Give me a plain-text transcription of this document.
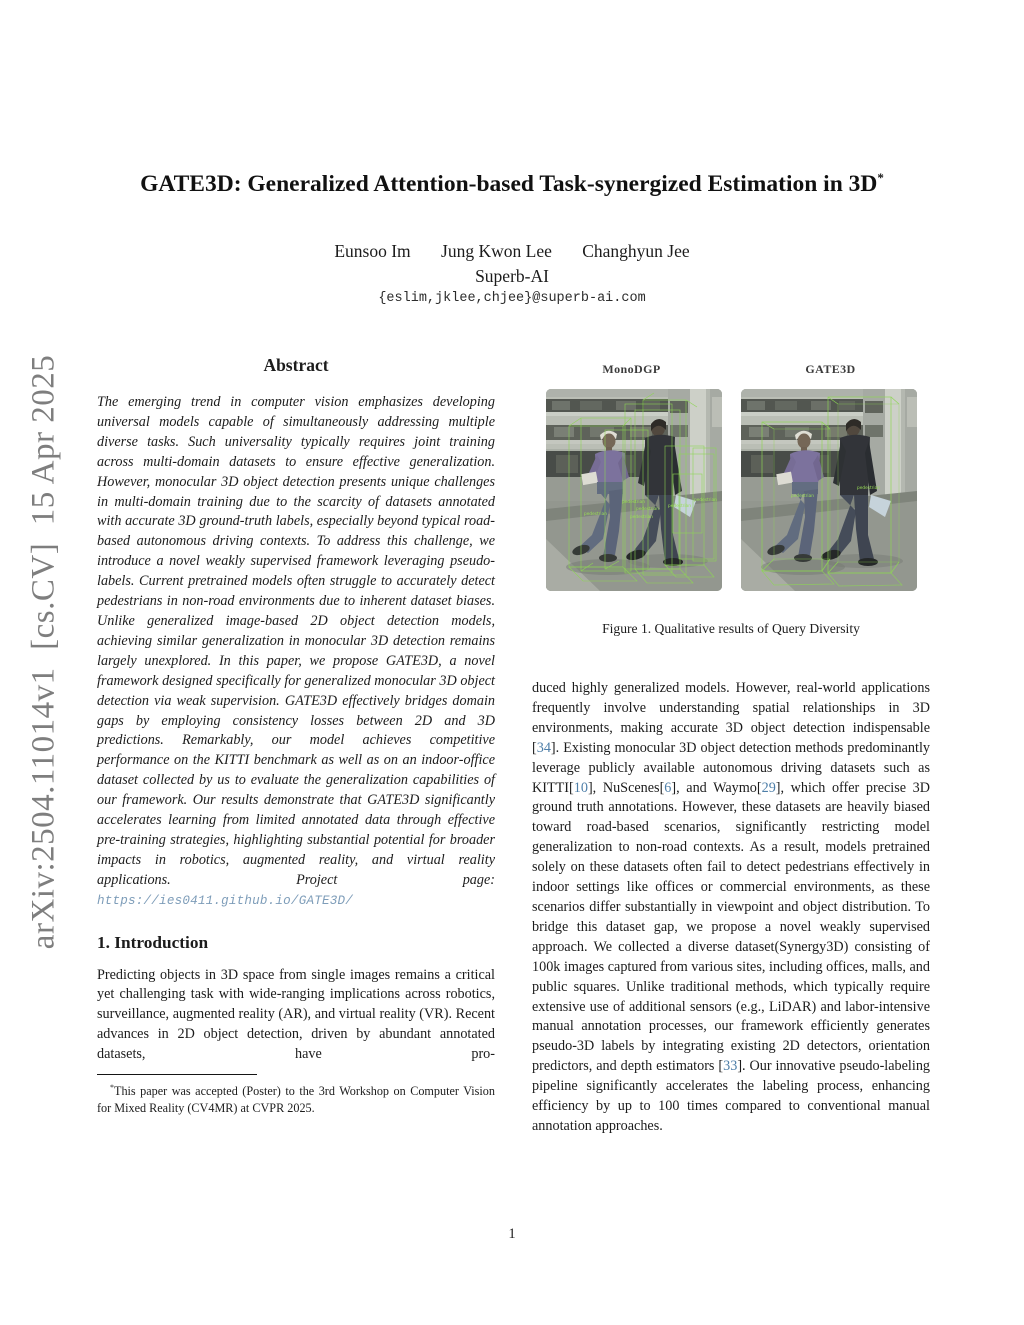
arXiv:2504.11014v1  [cs.CV]  15 Apr 2025
GATE3D: Generalized Attention-based Task-synergized Estimation in 3D*
Eunsoo Im Jung Kwon Lee Changhyun Jee
Superb-AI
{eslim,jklee,chjee}@superb-ai.com
Abstract

The emerging trend in computer vision emphasizes developing universal models capable of simultaneously addressing multiple diverse tasks. Such universality typically requires joint training across multi-domain datasets to ensure effective generalization. However, monocular 3D object detection presents unique challenges in multi-domain training due to the scarcity of datasets annotated with accurate 3D ground-truth labels, especially beyond typical road-based autonomous driving contexts. To address this challenge, we introduce a novel weakly supervised framework leveraging pseudo-labels. Current pretrained models often struggle to accurately detect pedestrians in non-road environments due to inherent dataset biases. Unlike generalized image-based 2D object detection models, achieving similar generalization in monocular 3D detection remains largely unexplored. In this paper, we propose GATE3D, a novel framework designed specifically for generalized monocular 3D object detection via weak supervision. GATE3D effectively bridges domain gaps by employing consistency losses between 2D and 3D predictions. Remarkably, our model achieves competitive performance on the KITTI benchmark as well as on an indoor-office dataset collected by us to evaluate the generalization capabilities of our framework. Our results demonstrate that GATE3D significantly accelerates learning from limited annotated data through effective pre-training strategies, highlighting substantial potential for broader impacts in robotics, augmented reality, and virtual reality applications. Project page: https://ies0411.github.io/GATE3D/

1. Introduction

Predicting objects in 3D space from single images remains a critical yet challenging task with wide-ranging implications across robotics, surveillance, augmented reality (AR), and virtual reality (VR). Recent advances in 2D object detection, driven by abundant annotated datasets, have pro-

*This paper was accepted (Poster) to the 3rd Workshop on Computer Vision for Mixed Reality (CV4MR) at CVPR 2025.

MonoDGP	GATE3D
pedestrian
pedestrian
pedestrian
pedestrian
pedestrian
pedestrian
pedestrian
pedestrian
Figure 1. Qualitative results of Query Diversity

duced highly generalized models. However, real-world applications frequently involve understanding spatial relationships in 3D environments, making accurate 3D object detection indispensable [34]. Existing monocular 3D object detection methods predominantly leverage publicly available autonomous driving datasets such as KITTI[10], NuScenes[6], and Waymo[29], which offer precise 3D ground truth annotations. However, these datasets are heavily biased toward road-based scenarios, significantly restricting model generalization to non-road contexts. As a result, models pretrained solely on these datasets often fail to detect pedestrians effectively in indoor settings like offices or commercial environments, as these scenarios differ substantially in viewpoint and object distribution. To bridge this dataset gap, we propose a novel weakly supervised approach. We collected a diverse dataset(Synergy3D) consisting of 100k images captured from various sites, including offices, malls, and public squares. Unlike traditional methods, which typically require extensive use of additional sensors (e.g., LiDAR) and labor-intensive manual annotation processes, our framework efficiently generates pseudo-3D labels by integrating existing 2D detectors, orientation predictors, and depth estimators [33]. Our innovative pseudo-labeling pipeline significantly accelerates the labeling process, enhancing efficiency by up to 100 times compared to conventional manual annotation approaches.

1
